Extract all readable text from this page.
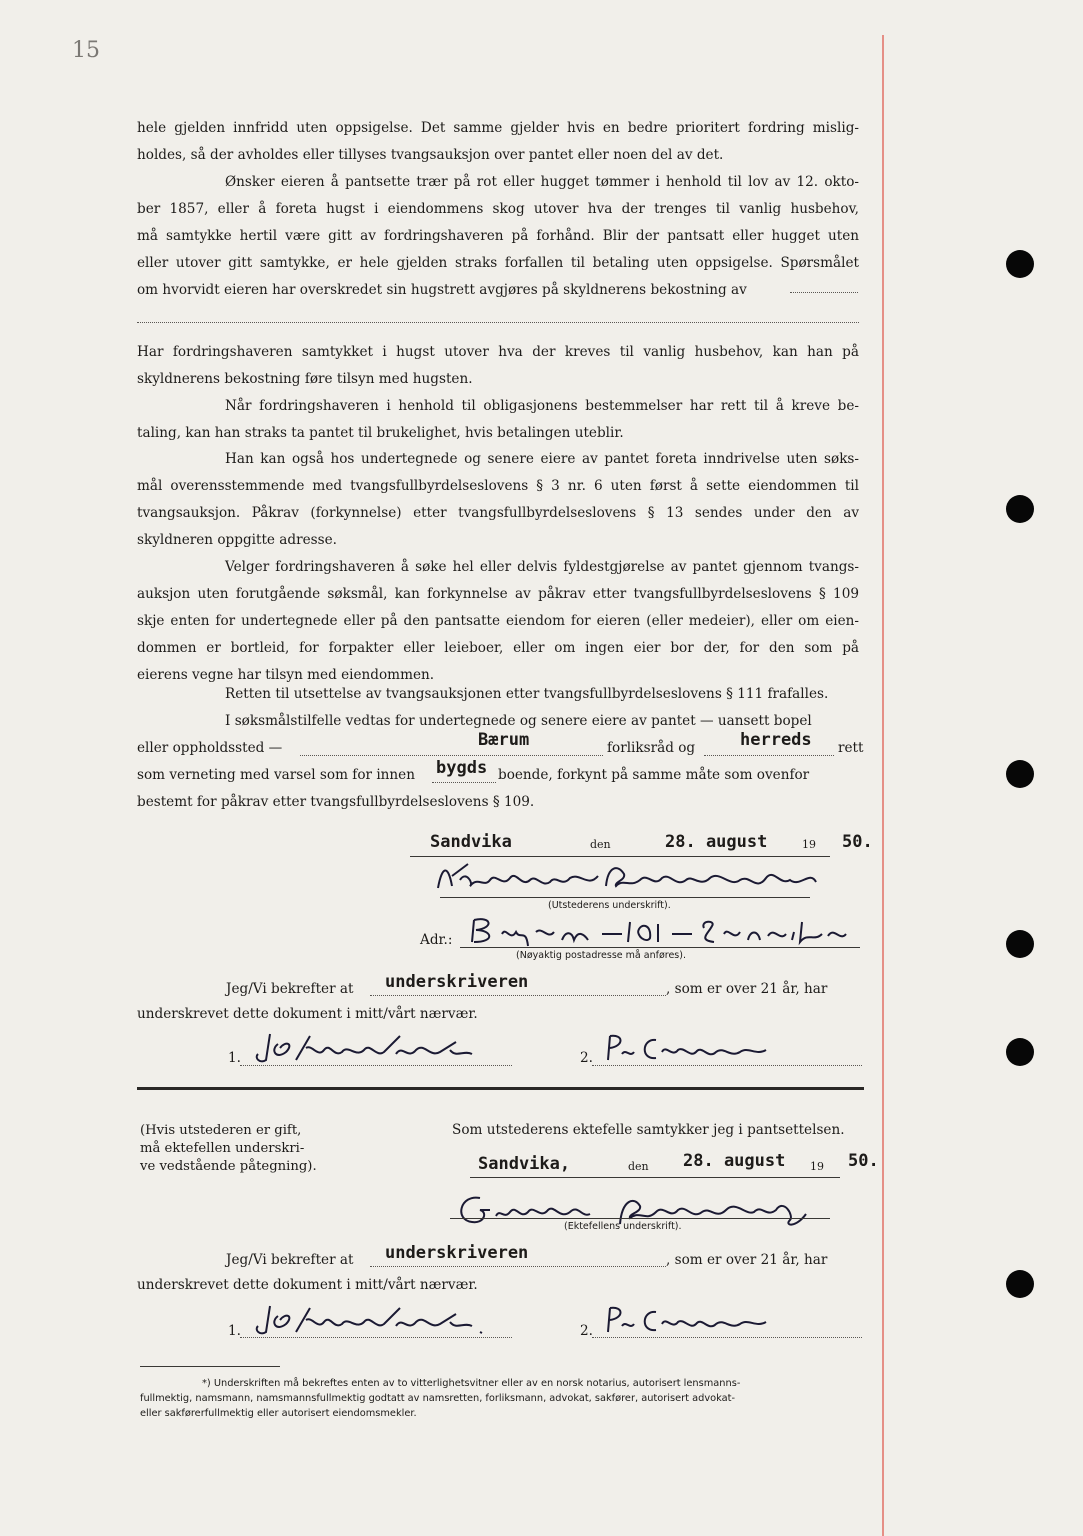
15
hele gjelden innfridd uten oppsigelse. Det samme gjelder hvis en bedre prioritert fordring mislig-
holdes, så der avholdes eller tillyses tvangsauksjon over pantet eller noen del av det.
Ønsker eieren å pantsette trær på rot eller hugget tømmer i henhold til lov av 12. okto-
ber 1857, eller å foreta hugst i eiendommens skog utover hva der trenges til vanlig husbehov,
må samtykke hertil være gitt av fordringshaveren på forhånd. Blir der pantsatt eller hugget uten
eller utover gitt samtykke, er hele gjelden straks forfallen til betaling uten oppsigelse. Spørsmålet
om hvorvidt eieren har overskredet sin hugstrett avgjøres på skyldnerens bekostning av
Har fordringshaveren samtykket i hugst utover hva der kreves til vanlig husbehov, kan han på
skyldnerens bekostning føre tilsyn med hugsten.
Når fordringshaveren i henhold til obligasjonens bestemmelser har rett til å kreve be-
taling, kan han straks ta pantet til brukelighet, hvis betalingen uteblir.
Han kan også hos undertegnede og senere eiere av pantet foreta inndrivelse uten søks-
mål overensstemmende med tvangsfullbyrdelseslovens § 3 nr. 6 uten først å sette eiendommen til
tvangsauksjon. Påkrav (forkynnelse) etter tvangsfullbyrdelseslovens § 13 sendes under den av
skyldneren oppgitte adresse.
Velger fordringshaveren å søke hel eller delvis fyldestgjørelse av pantet gjennom tvangs-
auksjon uten forutgående søksmål, kan forkynnelse av påkrav etter tvangsfullbyrdelseslovens § 109
skje enten for undertegnede eller på den pantsatte eiendom for eieren (eller medeier), eller om eien-
dommen er bortleid, for forpakter eller leieboer, eller om ingen eier bor der, for den som på
eierens vegne har tilsyn med eiendommen.
Retten til utsettelse av tvangsauksjonen etter tvangsfullbyrdelseslovens § 111 frafalles.
I søksmålstilfelle vedtas for undertegnede og senere eiere av pantet — uansett bopel
eller oppholdssted —	Bærum	forliksråd og	herreds rett
som verneting med varsel som for innen bygds boende, forkynt på samme måte som ovenfor
bestemt for påkrav etter tvangsfullbyrdelseslovens § 109.
Sandvika	den	28. august	19 50.
(Utstederens underskrift).
Adr.:
(Nøyaktig postadresse må anføres).
Jeg/Vi bekrefter at underskriveren	, som er over 21 år, har
underskrevet dette dokument i mitt/vårt nærvær.
1.	2.
(Hvis utstederen er gift,
må ektefellen underskri-
ve vedstående påtegning).
Som utstederens ektefelle samtykker jeg i pantsettelsen.
Sandvika,	den 28. august 19 50.
(Ektefellens underskrift).
Jeg/Vi bekrefter at underskriveren	, som er over 21 år, har
underskrevet dette dokument i mitt/vårt nærvær.
1.	2.
*) Underskriften må bekreftes enten av to vitterlighetsvitner eller av en norsk notarius, autorisert lensmanns-
fullmektig, namsmann, namsmannsfullmektig godtatt av namsretten, forliksmann, advokat, sakfører, autorisert advokat-
eller sakførerfullmektig eller autorisert eiendomsmekler.
